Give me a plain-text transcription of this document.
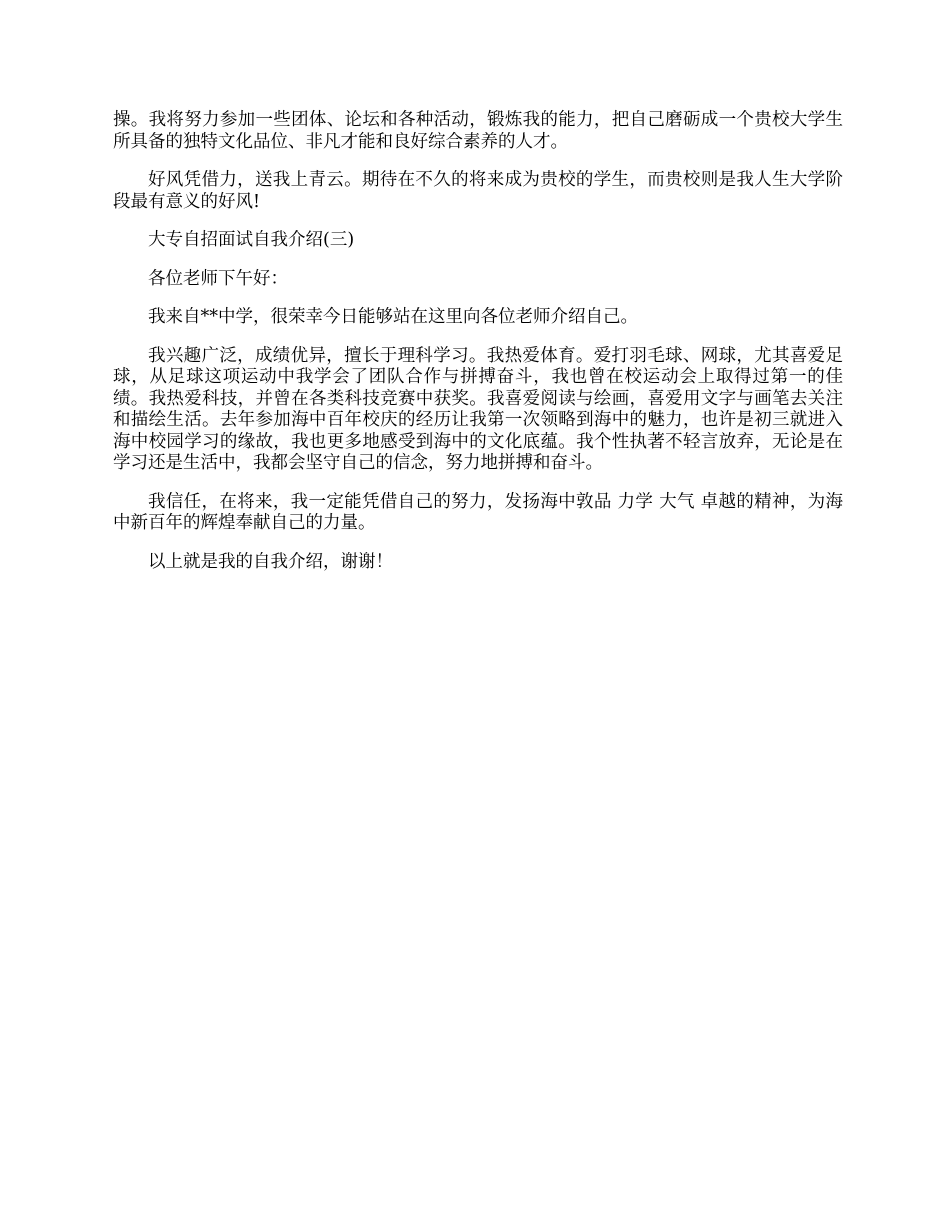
操。我将努力参加一些团体、论坛和各种活动，锻炼我的能力，把自己磨砺成一个贵校大学生所具备的独特文化品位、非凡才能和良好综合素养的人才。

好风凭借力，送我上青云。期待在不久的将来成为贵校的学生，而贵校则是我人生大学阶段最有意义的好风!

大专自招面试自我介绍(三)

各位老师下午好：

我来自**中学，很荣幸今日能够站在这里向各位老师介绍自己。

我兴趣广泛，成绩优异，擅长于理科学习。我热爱体育。爱打羽毛球、网球，尤其喜爱足球，从足球这项运动中我学会了团队合作与拼搏奋斗，我也曾在校运动会上取得过第一的佳绩。我热爱科技，并曾在各类科技竞赛中获奖。我喜爱阅读与绘画，喜爱用文字与画笔去关注和描绘生活。去年参加海中百年校庆的经历让我第一次领略到海中的魅力，也许是初三就进入海中校园学习的缘故，我也更多地感受到海中的文化底蕴。我个性执著不轻言放弃，无论是在学习还是生活中，我都会坚守自己的信念，努力地拼搏和奋斗。

我信任，在将来，我一定能凭借自己的努力，发扬海中敦品 力学 大气 卓越的精神，为海中新百年的辉煌奉献自己的力量。

以上就是我的自我介绍，谢谢！
